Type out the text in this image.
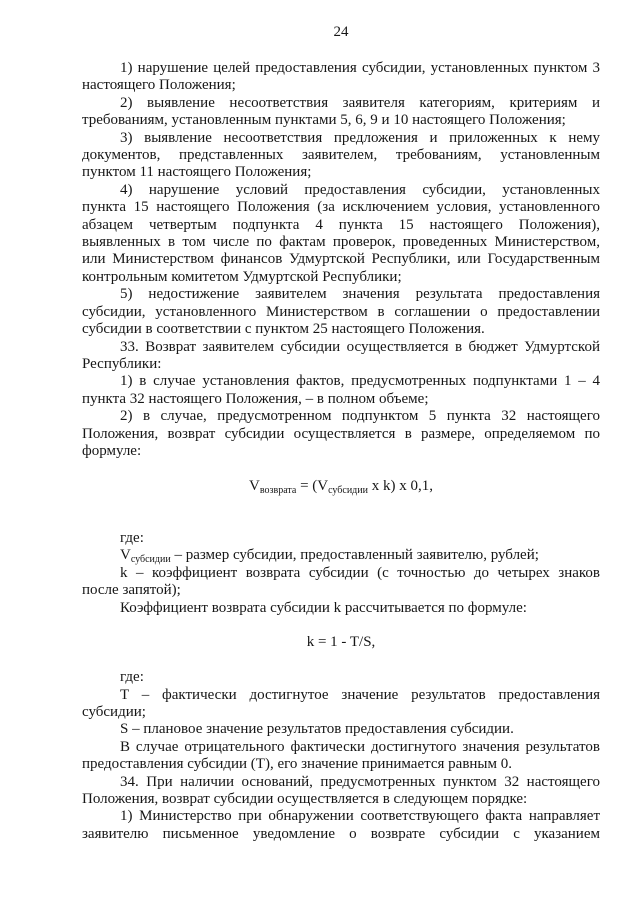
24
1) нарушение целей предоставления субсидии, установленных пунктом 3
настоящего Положения;
2) выявление несоответствия заявителя категориям, критериям и
требованиям, установленным пунктами 5, 6, 9 и 10 настоящего Положения;
3) выявление несоответствия предложения и приложенных к нему
документов, представленных заявителем, требованиям, установленным
пунктом 11 настоящего Положения;
4) нарушение условий предоставления субсидии, установленных
пункта 15 настоящего Положения (за исключением условия, установленного
абзацем четвертым подпункта 4 пункта 15 настоящего Положения),
выявленных в том числе по фактам проверок, проведенных Министерством,
или Министерством финансов Удмуртской Республики, или Государственным
контрольным комитетом Удмуртской Республики;
5) недостижение заявителем значения результата предоставления
субсидии, установленного Министерством в соглашении о предоставлении
субсидии в соответствии с пунктом 25 настоящего Положения.
33. Возврат заявителем субсидии осуществляется в бюджет Удмуртской
Республики:
1) в случае установления фактов, предусмотренных подпунктами 1 – 4
пункта 32 настоящего Положения, – в полном объеме;
2) в случае, предусмотренном подпунктом 5 пункта 32 настоящего
Положения, возврат субсидии осуществляется в размере, определяемом по
формуле:
$V_{возврата} = (V_{субсидии}$ x k) x 0,1,
где:
$V_{субсидии}$ – размер субсидии, предоставленный заявителю, рублей;
k – коэффициент возврата субсидии (с точностью до четырех знаков
после запятой);
Коэффициент возврата субсидии k рассчитывается по формуле:
k = 1 - T/S,
где:
T – фактически достигнутое значение результатов предоставления
субсидии;
S – плановое значение результатов предоставления субсидии.
В случае отрицательного фактически достигнутого значения результатов
предоставления субсидии (T), его значение принимается равным 0.
34. При наличии оснований, предусмотренных пунктом 32 настоящего
Положения, возврат субсидии осуществляется в следующем порядке:
1) Министерство при обнаружении соответствующего факта направляет
заявителю письменное уведомление о возврате субсидии с указанием
